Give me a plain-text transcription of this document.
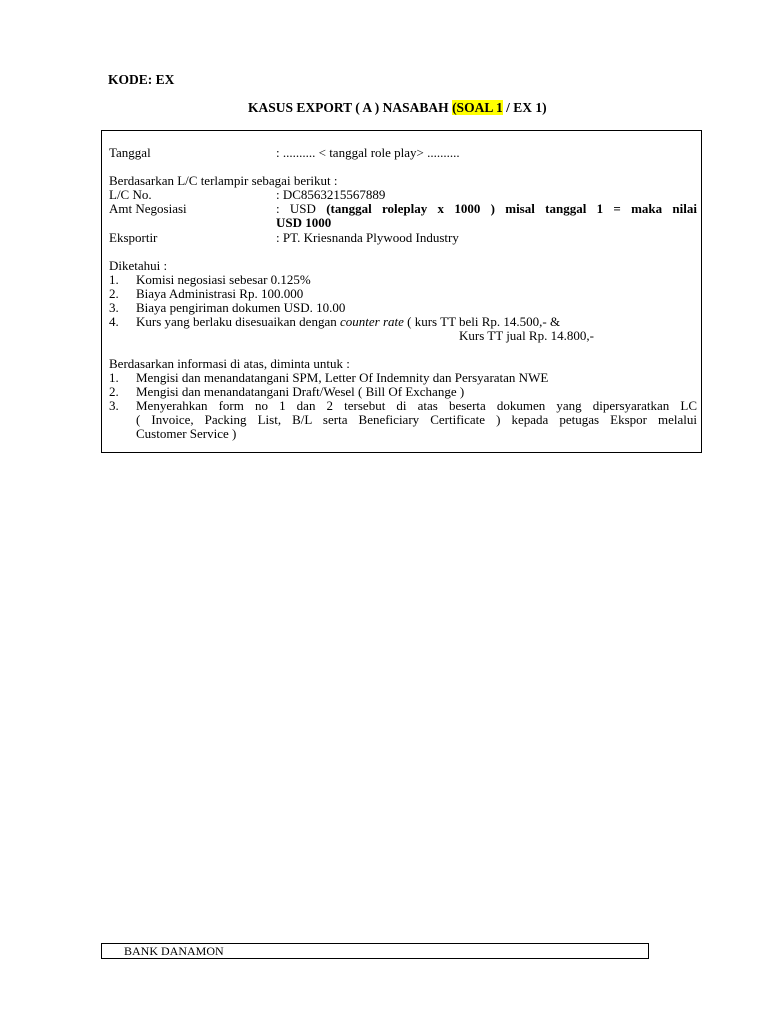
KODE: EX
KASUS EXPORT ( A ) NASABAH (SOAL 1 / EX 1)
Tanggal	: .......... < tanggal role play> ..........
Berdasarkan L/C terlampir sebagai berikut :
L/C No.	: DC8563215567889
Amt Negosiasi	: USD (tanggal roleplay x 1000 ) misal tanggal 1 = maka nilai
USD 1000
Eksportir	: PT. Kriesnanda Plywood Industry
Diketahui :
1. Komisi negosiasi sebesar 0.125%
2. Biaya Administrasi Rp. 100.000
3. Biaya pengiriman dokumen USD. 10.00
4. Kurs yang berlaku disesuaikan dengan counter rate ( kurs TT beli Rp. 14.500,- &
Kurs TT jual Rp. 14.800,-
Berdasarkan informasi di atas, diminta untuk :
1. Mengisi dan menandatangani SPM, Letter Of Indemnity dan Persyaratan NWE
2. Mengisi dan menandatangani Draft/Wesel ( Bill Of Exchange )
3. Menyerahkan form no 1 dan 2 tersebut di atas beserta dokumen yang dipersyaratkan LC
( Invoice, Packing List, B/L serta Beneficiary Certificate ) kepada petugas Ekspor melalui
Customer Service )
BANK DANAMON
